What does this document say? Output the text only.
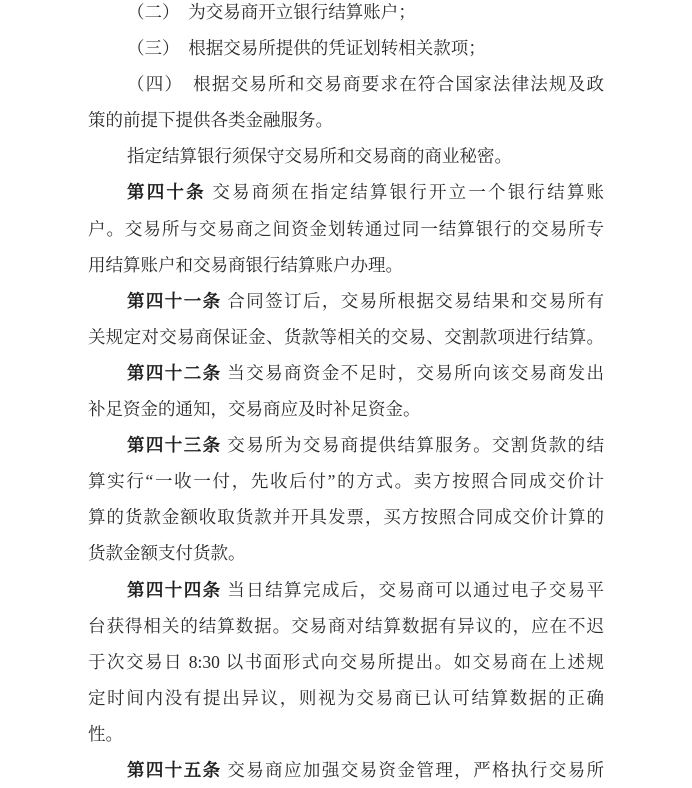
（二）　为交易商开立银行结算账户；
（三）　根据交易所提供的凭证划转相关款项；
（四）　根据交易所和交易商要求在符合国家法律法规及政
策的前提下提供各类金融服务。
指定结算银行须保守交易所和交易商的商业秘密。
第四十条 交易商须在指定结算银行开立一个银行结算账
户。交易所与交易商之间资金划转通过同一结算银行的交易所专
用结算账户和交易商银行结算账户办理。
第四十一条 合同签订后，交易所根据交易结果和交易所有
关规定对交易商保证金、货款等相关的交易、交割款项进行结算。
第四十二条 当交易商资金不足时，交易所向该交易商发出
补足资金的通知，交易商应及时补足资金。
第四十三条 交易所为交易商提供结算服务。交割货款的结
算实行“一收一付，先收后付”的方式。卖方按照合同成交价计
算的货款金额收取货款并开具发票，买方按照合同成交价计算的
货款金额支付货款。
第四十四条 当日结算完成后，交易商可以通过电子交易平
台获得相关的结算数据。交易商对结算数据有异议的，应在不迟
于次交易日 8:30 以书面形式向交易所提出。如交易商在上述规
定时间内没有提出异议，则视为交易商已认可结算数据的正确
性。
第四十五条 交易商应加强交易资金管理，严格执行交易所
